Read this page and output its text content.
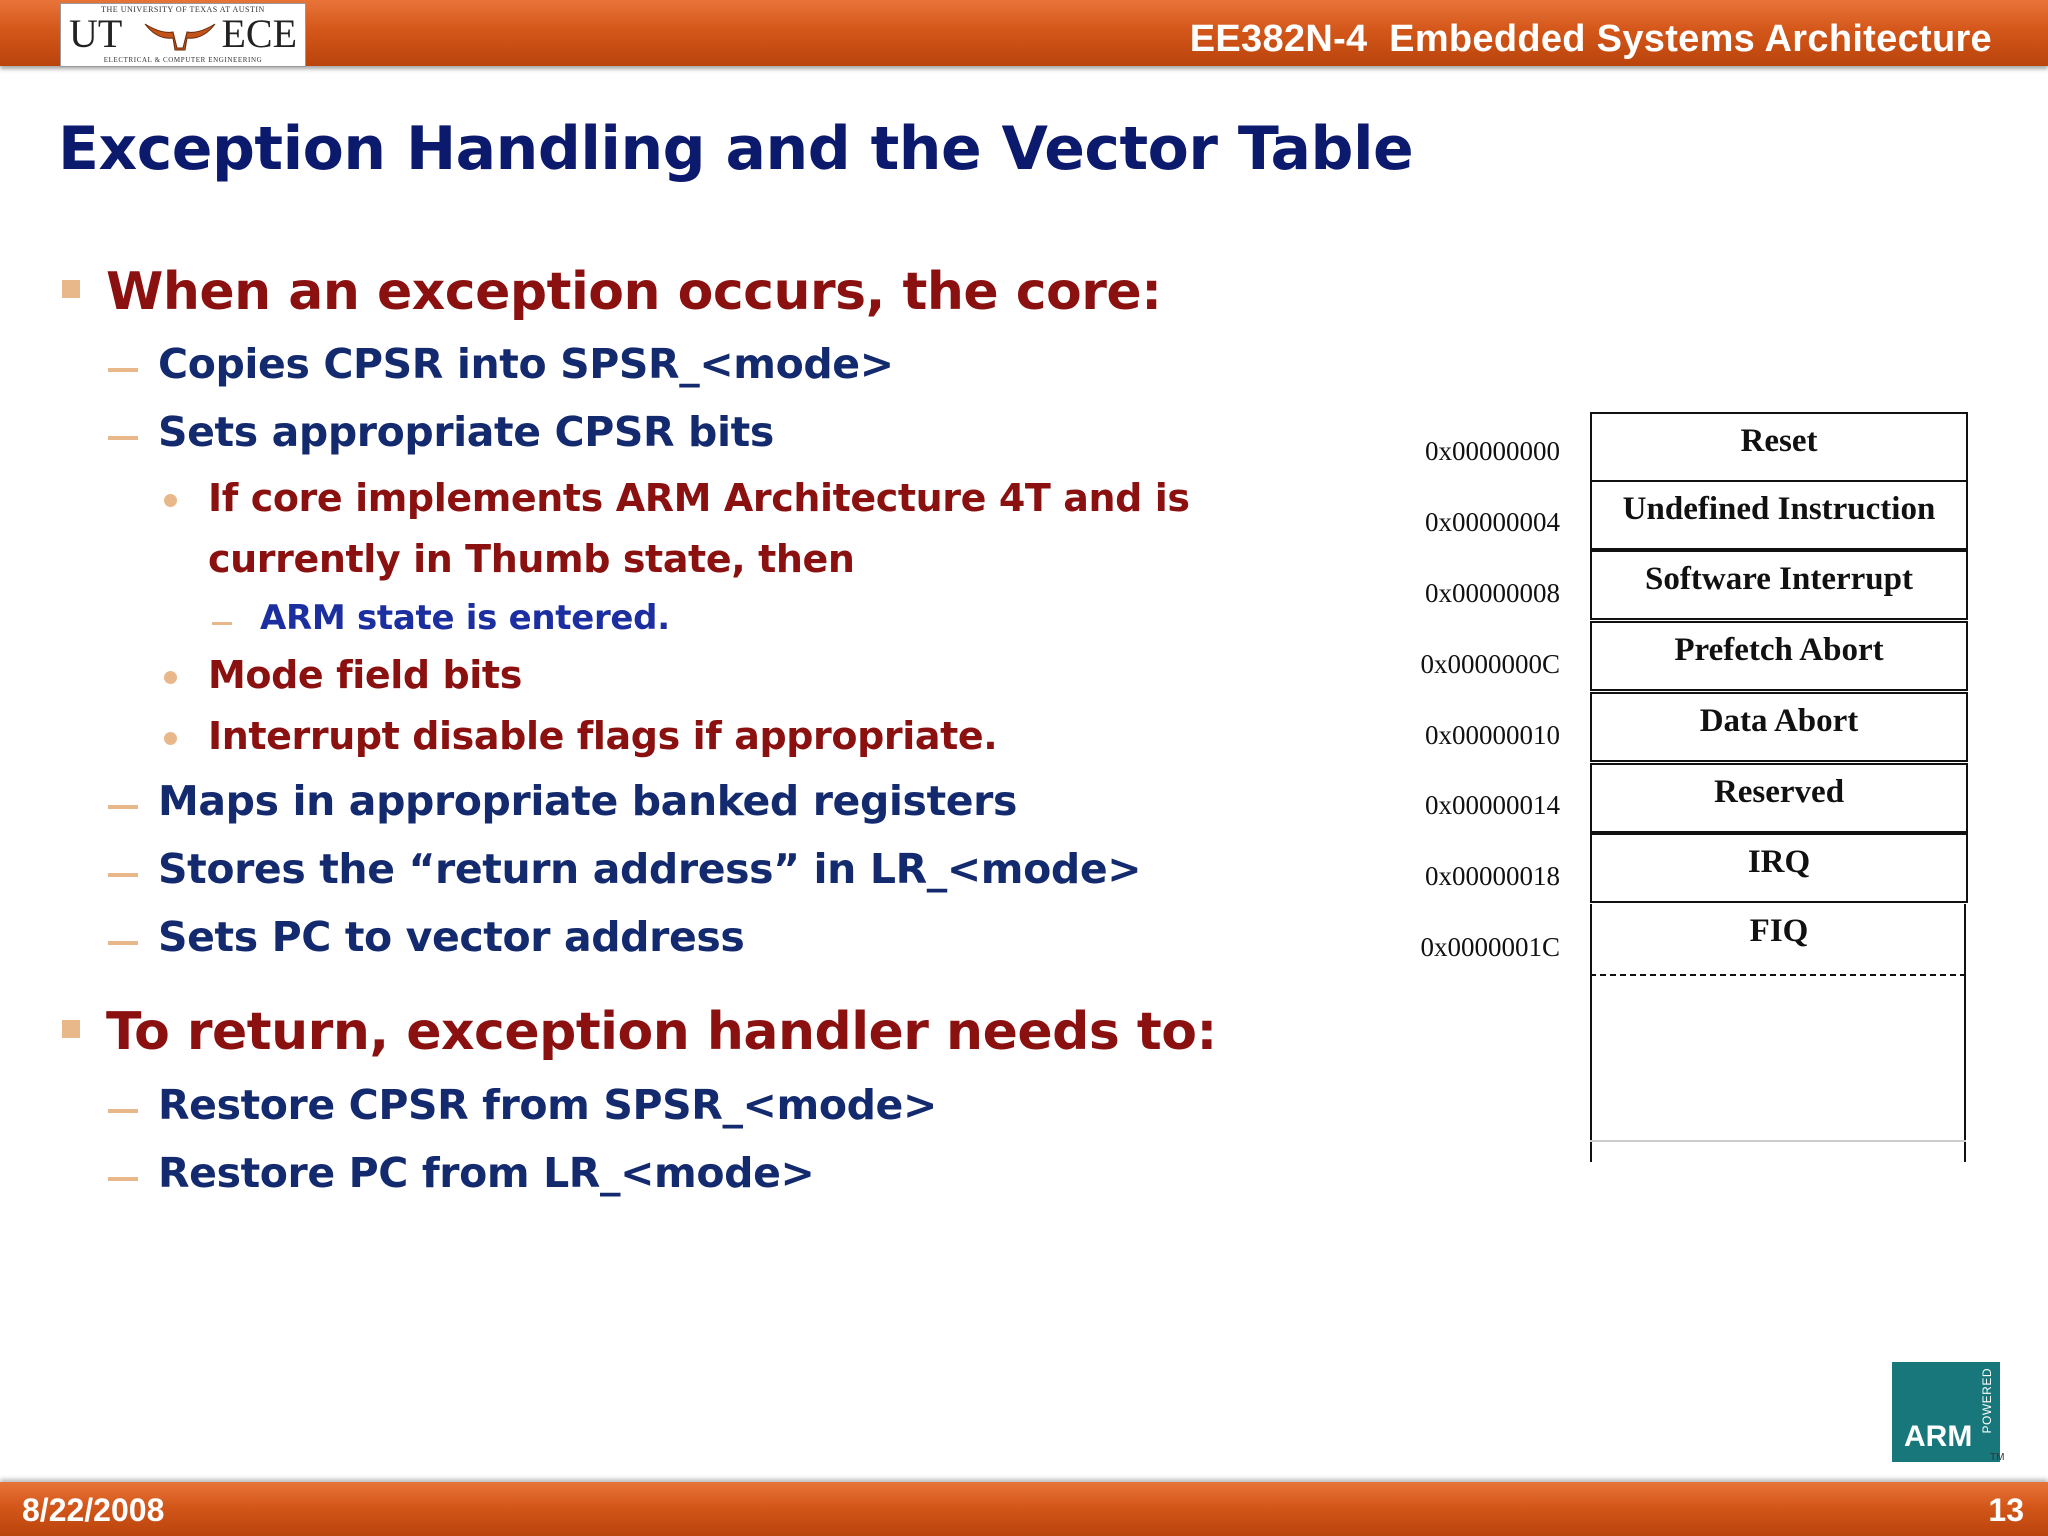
THE UNIVERSITY OF TEXAS AT AUSTIN
UT ECE
ELECTRICAL & COMPUTER ENGINEERING	EE382N-4  Embedded Systems Architecture
Exception Handling and the Vector Table
When an exception occurs, the core:
Copies CPSR into SPSR_<mode>
Sets appropriate CPSR bits
If core implements ARM Architecture 4T and is
currently in Thumb state, then
ARM state is entered.
Mode field bits
Interrupt disable flags if appropriate.
Maps in appropriate banked registers
Stores the “return address” in LR_<mode>
Sets PC to vector address
To return, exception handler needs to:
Restore CPSR from SPSR_<mode>
Restore PC from LR_<mode>
0x00000000	Reset
0x00000004	Undefined Instruction
0x00000008	Software Interrupt
0x0000000C	Prefetch Abort
0x00000010	Data Abort
0x00000014	Reserved
0x00000018	IRQ
0x0000001C	FIQ
ARM
POWERED
TM
8/22/2008	13
